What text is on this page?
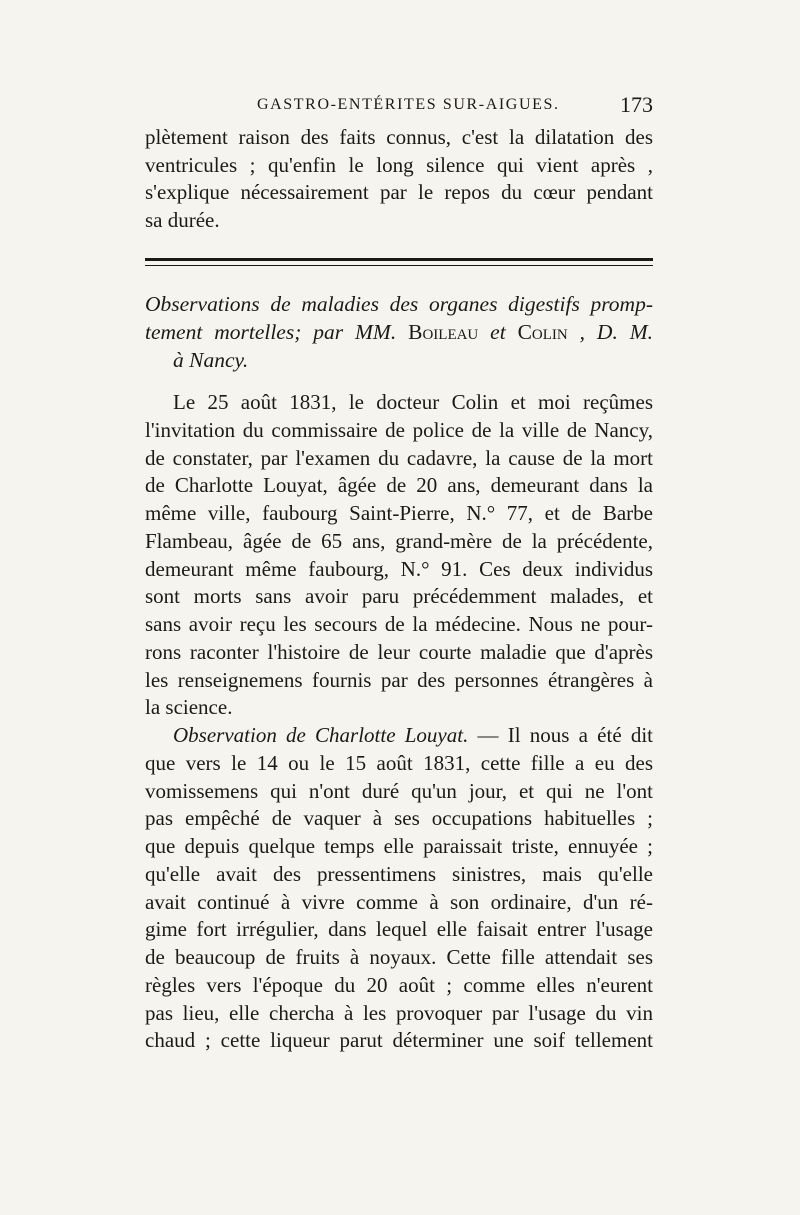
GASTRO-ENTÉRITES SUR-AIGUES.	173
plètement raison des faits connus, c'est la dilatation des
ventricules ; qu'enfin le long silence qui vient après ,
s'explique nécessairement par le repos du cœur pendant
sa durée.
Observations de maladies des organes digestifs promp-
tement mortelles; par MM. Boileau et Colin , D. M.
à Nancy.
Le 25 août 1831, le docteur Colin et moi reçûmes
l'invitation du commissaire de police de la ville de Nancy,
de constater, par l'examen du cadavre, la cause de la mort
de Charlotte Louyat, âgée de 20 ans, demeurant dans la
même ville, faubourg Saint-Pierre, N.° 77, et de Barbe
Flambeau, âgée de 65 ans, grand-mère de la précédente,
demeurant même faubourg, N.° 91. Ces deux individus
sont morts sans avoir paru précédemment malades, et
sans avoir reçu les secours de la médecine. Nous ne pour-
rons raconter l'histoire de leur courte maladie que d'après
les renseignemens fournis par des personnes étrangères à
la science.
Observation de Charlotte Louyat. — Il nous a été dit
que vers le 14 ou le 15 août 1831, cette fille a eu des
vomissemens qui n'ont duré qu'un jour, et qui ne l'ont
pas empêché de vaquer à ses occupations habituelles ;
que depuis quelque temps elle paraissait triste, ennuyée ;
qu'elle avait des pressentimens sinistres, mais qu'elle
avait continué à vivre comme à son ordinaire, d'un ré-
gime fort irrégulier, dans lequel elle faisait entrer l'usage
de beaucoup de fruits à noyaux. Cette fille attendait ses
règles vers l'époque du 20 août ; comme elles n'eurent
pas lieu, elle chercha à les provoquer par l'usage du vin
chaud ; cette liqueur parut déterminer une soif tellement
